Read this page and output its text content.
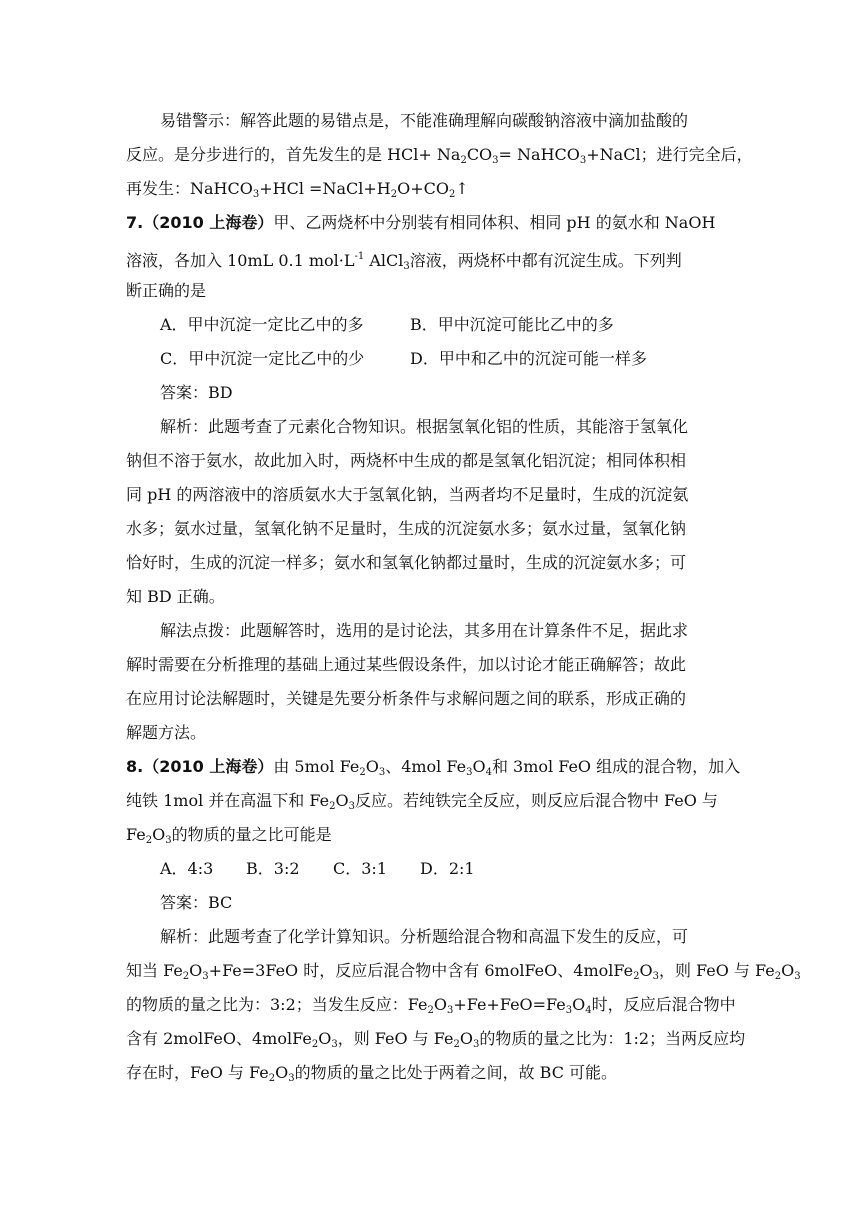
易错警示：解答此题的易错点是，不能准确理解向碳酸钠溶液中滴加盐酸的
反应。是分步进行的，首先发生的是 $HCl+ Na_2CO_3=$ NaHCO$_3$+NaCl；进行完全后，
再发生：NaHCO$_3$+HCl $=NaCl+H_2O+CO_2↑$
7.（2010 上海卷）甲、乙两烧杯中分别装有相同体积、相同 pH 的氨水和 NaOH
溶液，各加入 10mL 0.1 $mol\cdot L^{-1}$ AlCl$_3$溶液，两烧杯中都有沉淀生成。下列判
断正确的是
A．甲中沉淀一定比乙中的多	B．甲中沉淀可能比乙中的多
C．甲中沉淀一定比乙中的少	D．甲中和乙中的沉淀可能一样多
答案：BD
解析：此题考查了元素化合物知识。根据氢氧化铝的性质，其能溶于氢氧化
钠但不溶于氨水，故此加入时，两烧杯中生成的都是氢氧化铝沉淀；相同体积相
同 pH 的两溶液中的溶质氨水大于氢氧化钠，当两者均不足量时，生成的沉淀氨
水多；氨水过量，氢氧化钠不足量时，生成的沉淀氨水多；氨水过量，氢氧化钠
恰好时，生成的沉淀一样多；氨水和氢氧化钠都过量时，生成的沉淀氨水多；可
知 BD 正确。
解法点拨：此题解答时，选用的是讨论法，其多用在计算条件不足，据此求
解时需要在分析推理的基础上通过某些假设条件，加以讨论才能正确解答；故此
在应用讨论法解题时，关键是先要分析条件与求解问题之间的联系，形成正确的
解题方法。
8.（2010 上海卷）由 5mol $Fe_2O_3$、4mol $Fe_3O_4$和 3mol FeO 组成的混合物，加入
纯铁 1mol 并在高温下和 $Fe_2O_3$反应。若纯铁完全反应，则反应后混合物中 FeO 与
$Fe_2O_3$的物质的量之比可能是
A．4:3 B．3:2 C．3:1 D．2:1
答案：BC
解析：此题考查了化学计算知识。分析题给混合物和高温下发生的反应，可
知当 $Fe_2O_3+Fe=3FeO$ 时，反应后混合物中含有 6molFeO、$4molFe_2O_3$，则 FeO 与 $Fe_2O_3$
的物质的量之比为：3:2；当发生反应：$Fe_2O_3+Fe+FeO=Fe_3O_4$时，反应后混合物中
含有 2molFeO、$4molFe_2O_3$，则 FeO 与 $Fe_2O_3$的物质的量之比为：1:2；当两反应均
存在时，FeO 与 $Fe_2O_3$的物质的量之比处于两着之间，故 BC 可能。
